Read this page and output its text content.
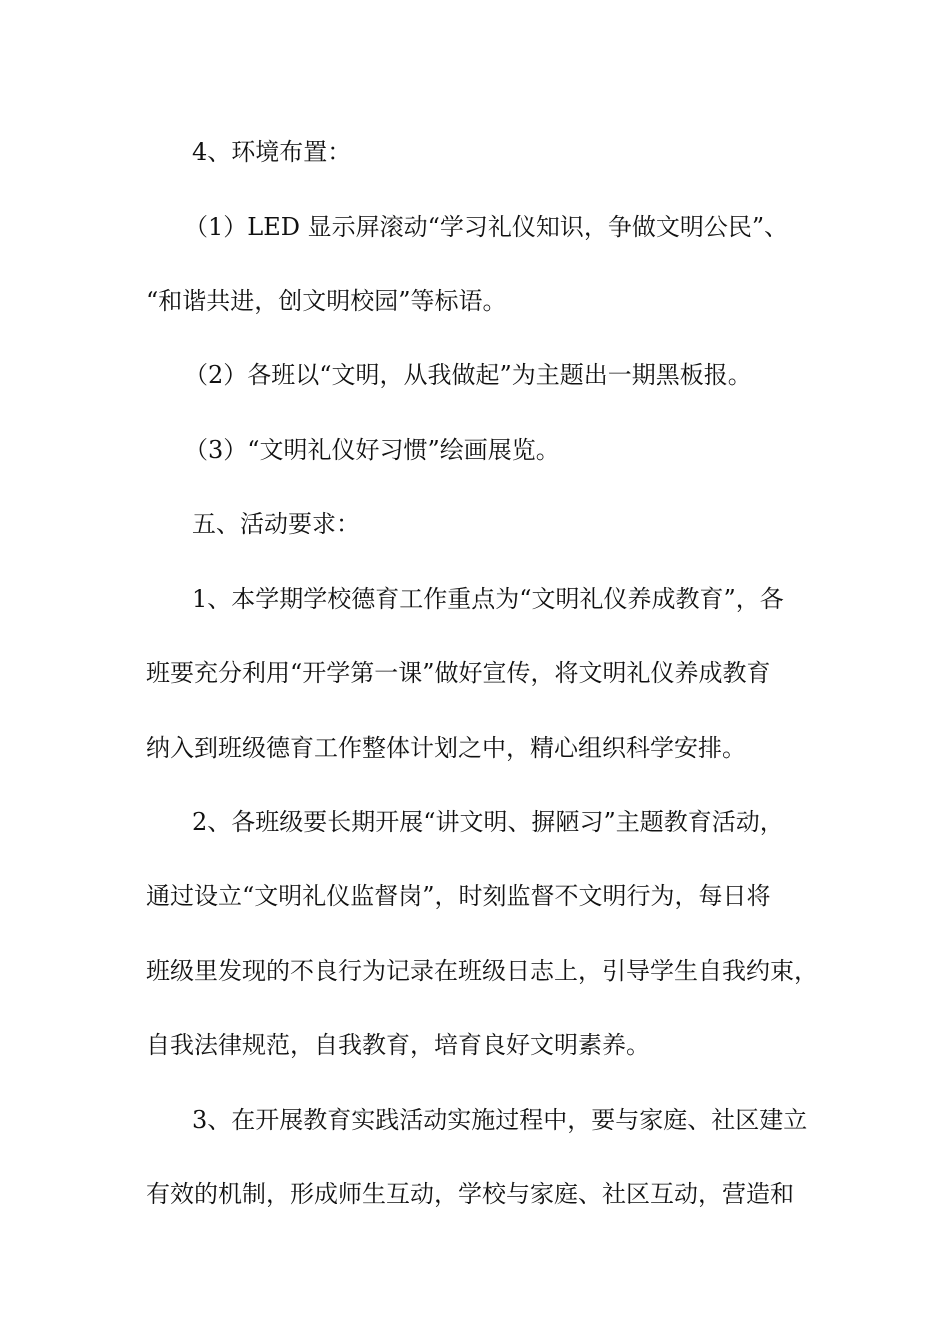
4、环境布置：

（1）LED 显示屏滚动“学习礼仪知识，争做文明公民”、

“和谐共进，创文明校园”等标语。

（2）各班以“文明，从我做起”为主题出一期黑板报。

（3）“文明礼仪好习惯”绘画展览。

五、活动要求：

1、本学期学校德育工作重点为“文明礼仪养成教育”，各

班要充分利用“开学第一课”做好宣传，将文明礼仪养成教育

纳入到班级德育工作整体计划之中，精心组织科学安排。

2、各班级要长期开展“讲文明、摒陋习”主题教育活动，

通过设立“文明礼仪监督岗”，时刻监督不文明行为，每日将

班级里发现的不良行为记录在班级日志上，引导学生自我约束，

自我法律规范，自我教育，培育良好文明素养。

3、在开展教育实践活动实施过程中，要与家庭、社区建立

有效的机制，形成师生互动，学校与家庭、社区互动，营造和
